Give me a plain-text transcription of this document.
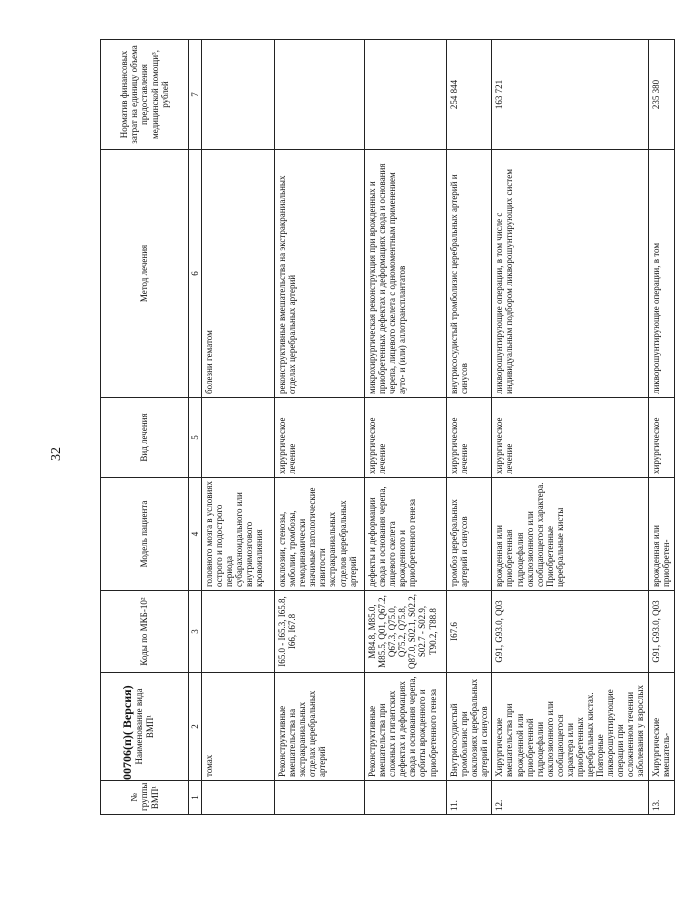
32
№ группы ВМП¹	Наименование вида ВМП¹	Коды по МКБ-10²	Модель пациента	Вид лечения	Метод лечения	Норматив финансовых затрат на единицу объема предоставления медицинской помощи³, рублей
1	2	3	4	5	6	7
	томах		головного мозга в условиях острого и подострого периода субарахноидального или внутримозгового кровоизлияния		болезни гематом	
	Реконструктивные вмешательства на экстракраниальных отделах церебральных артерий	I65.0 - I65.3, I65.8, I66, I67.8	окклюзии, стенозы, эмболии, тромбозы, гемодинамически значимые патологические извитости экстракраниальных отделов церебральных артерий	хирургическое лечение	реконструктивные вмешательства на экстракраниальных отделах церебральных артерий	
	Реконструктивные вмешательства при сложных и гигантских дефектах и деформациях свода и основания черепа, орбиты врожденного и приобретенного генеза	M84.8, M85.0, M85.5, Q01, Q67.2, Q67.3, Q75.0, Q75.2, Q75.8, Q87.0, S02.1, S02.2, S02.7 - S02.9, T90.2, T88.8	дефекты и деформации свода и основания черепа, лицевого скелета врожденного и приобретенного генеза	хирургическое лечение	микрохирургическая реконструкция при врожденных и приобретенных дефектах и деформациях свода и основания черепа, лицевого скелета с одномоментным применением ауто- и (или) аллотрансплантатов	
11.	Внутрисосудистый тромболизис при окклюзиях церебральных артерий и синусов	I67.6	тромбоз церебральных артерий и синусов	хирургическое лечение	внутрисосудистый тромболизис церебральных артерий и синусов	254 844
12.	Хирургические вмешательства при врожденной или приобретенной гидроцефалии окклюзионного или сообщающегося характера или приобретенных церебральных кистах. Повторные ликворошунтирующие операции при осложненном течении заболевания у взрослых	G91, G93.0, Q03	врожденная или приобретенная гидроцефалия окклюзионного или сообщающегося характера. Приобретенные церебральные кисты	хирургическое лечение	ликворошунтирующие операции, в том числе с индивидуальным подбором ликворошунтирующих систем	163 721
13.	Хирургические вмешатель-	G91, G93.0, Q03	врожденная или приобретен-	хирургическое	ликворошунтирующие операции, в том	235 380
00706(п)( Версия)
